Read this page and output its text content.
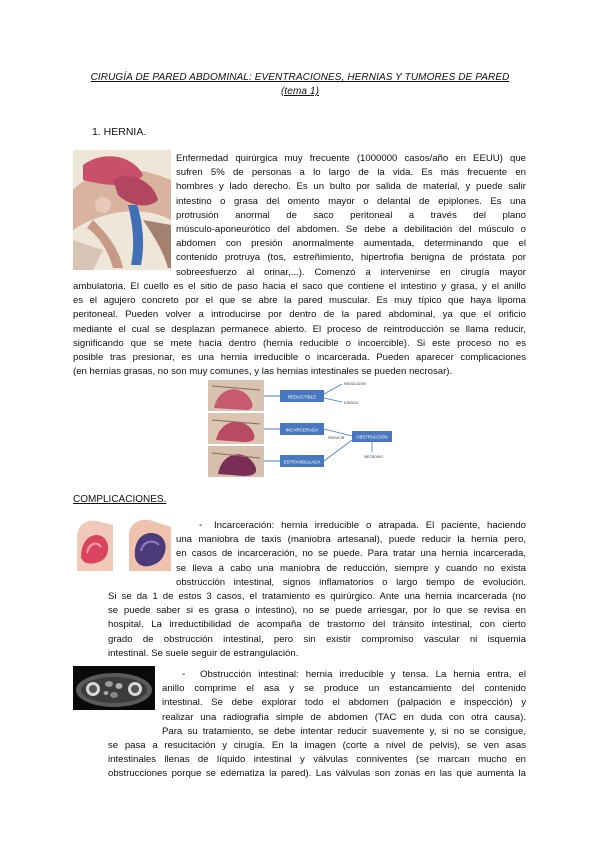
CIRUGÍA DE PARED ABDOMINAL: EVENTRACIONES, HERNIAS Y TUMORES DE PARED
(tema 1)
1. HERNIA.
Enfermedad quirúrgica muy frecuente (1000000 casos/año en EEUU) que
sufren 5% de personas a lo largo de la vida. Es más frecuente en
hombres y lado derecho. Es un bulto por salida de material, y puede salir
intestino o grasa del omento mayor o delantal de epiplones. Es una
protrusión anormal de saco peritoneal a través del plano
músculo-aponeurótico del abdomen. Se debe a debilitación del músculo o
abdomen con presión anormalmente aumentada, determinando que el
contenido protruya (tos, estreñimiento, hipertrofia benigna de próstata por
sobreesfuerzo al orinar,...). Comenzó a intervenirse en cirugía mayor
ambulatoria. El cuello es el sitio de paso hacia el saco que contiene el intestino y grasa, y el anillo
es el agujero concreto por el que se abre la pared muscular. Es muy típico que haya lipoma
peritoneal. Pueden volver a introducirse por dentro de la pared abdominal, ya que el orificio
mediante el cual se desplazan permanece abierto. El proceso de reintroducción se llama reducir,
significando que se mete hacia dentro (hernia reducible o incoercible). Si este proceso no es
posible tras presionar, es una hernia irreducible o incarcerada. Pueden aparecer complicaciones
(en hernias grasas, no son muy comunes, y las hernias intestinales se pueden necrosar).
REDUCTIBLE
INCARCERADA
ESTRANGULADA
OBSTRUCCIÓN
REDUCCIÓN
ATASCO
REDUCIR
NECROSIS
COMPLICACIONES.
-	Incarceración: hernia irreducible o atrapada. El paciente, haciendo
una maniobra de taxis (maniobra artesanal), puede reducir la hernia pero,
en casos de incarceración, no se puede. Para tratar una hernia incarcerada,
se lleva a cabo una maniobra de reducción, siempre y cuando no exista
obstrucción intestinal, signos inflamatorios o largo tiempo de evolución.
Si se da 1 de estos 3 casos, el tratamiento es quirúrgico. Ante una hernia incarcerada (no
se puede saber si es grasa o intestino), no se puede arriesgar, por lo que se revisa en
hospital. La irreductibilidad de acompaña de trastorno del tránsito intestinal, con cierto
grado de obstrucción intestinal, pero sin existir compromiso vascular ni isquemia
intestinal. Se suele seguir de estrangulación.
-	Obstrucción intestinal: hernia irreducible y tensa. La hernia entra, el
anillo comprime el asa y se produce un estancamiento del contenido
intestinal. Se debe explorar todo el abdomen (palpación e inspección) y
realizar una radiografía simple de abdomen (TAC en duda con otra causa).
Para su tratamiento, se debe intentar reducir suavemente y, si no se consigue,
se pasa a resucitación y cirugía. En la imagen (corte a nivel de pelvis), se ven asas
intestinales llenas de líquido intestinal y válvulas conniventes (se marcan mucho en
obstrucciones porque se edematiza la pared). Las válvulas son zonas en las que aumenta la
